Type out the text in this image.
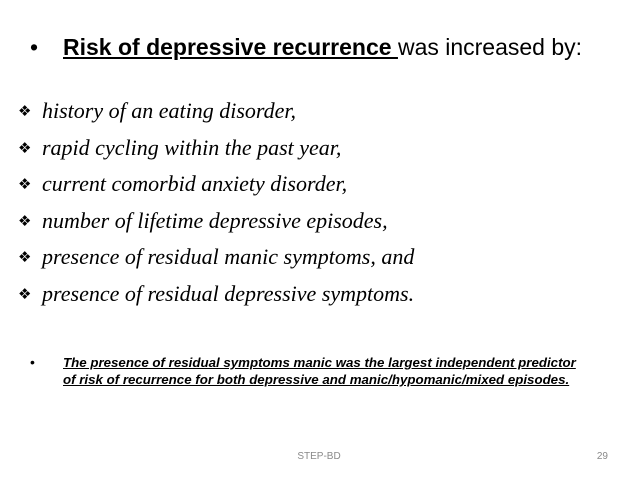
• Risk of depressive recurrence was increased by:
❖ history of an eating disorder,
❖ rapid cycling within the past year,
❖ current comorbid anxiety disorder,
❖ number of lifetime depressive episodes,
❖ presence of residual manic symptoms, and
❖ presence of residual depressive symptoms.
• The presence of residual symptoms manic was the largest independent predictor of risk of recurrence for both depressive and manic/hypomanic/mixed episodes.
STEP-BD	29
